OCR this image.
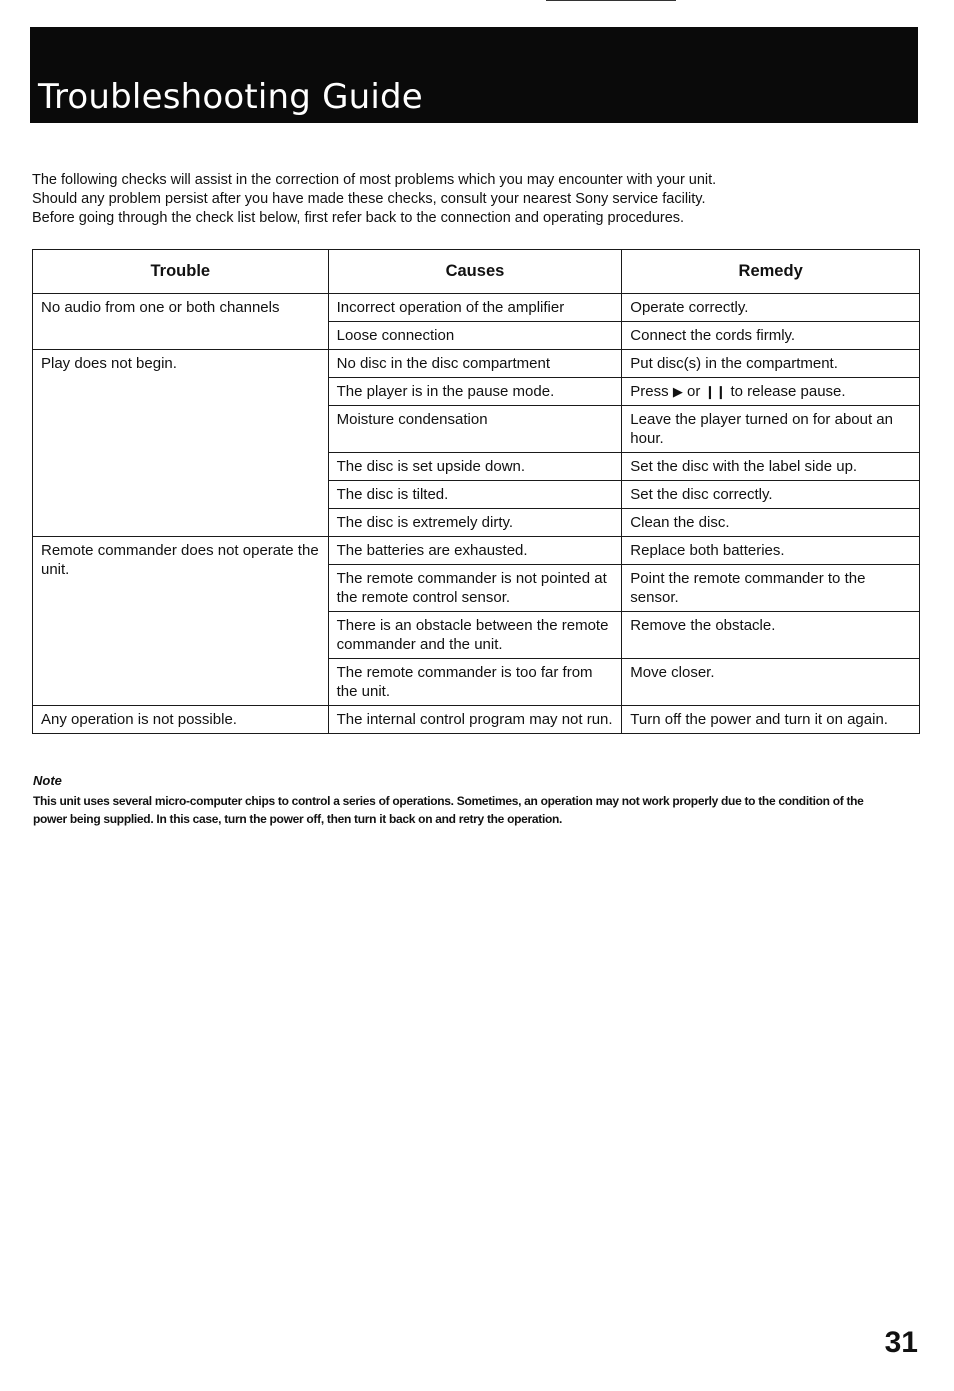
Troubleshooting Guide
The following checks will assist in the correction of most problems which you may encounter with your unit.
Should any problem persist after you have made these checks, consult your nearest Sony service facility.
Before going through the check list below, first refer back to the connection and operating procedures.
Trouble	Causes	Remedy
No audio from one or both channels	Incorrect operation of the amplifier	Operate correctly.
	Loose connection	Connect the cords firmly.
Play does not begin.	No disc in the disc compartment	Put disc(s) in the compartment.
	The player is in the pause mode.	Press ▶ or ❙❙ to release pause.
	Moisture condensation	Leave the player turned on for about an hour.
	The disc is set upside down.	Set the disc with the label side up.
	The disc is tilted.	Set the disc correctly.
	The disc is extremely dirty.	Clean the disc.
Remote commander does not operate the unit.	The batteries are exhausted.	Replace both batteries.
	The remote commander is not pointed at the remote control sensor.	Point the remote commander to the sensor.
	There is an obstacle between the remote commander and the unit.	Remove the obstacle.
	The remote commander is too far from the unit.	Move closer.
Any operation is not possible.	The internal control program may not run.	Turn off the power and turn it on again.
Note
This unit uses several micro-computer chips to control a series of operations. Sometimes, an operation may not work properly due to the condition of the power being supplied. In this case, turn the power off, then turn it back on and retry the operation.
31
